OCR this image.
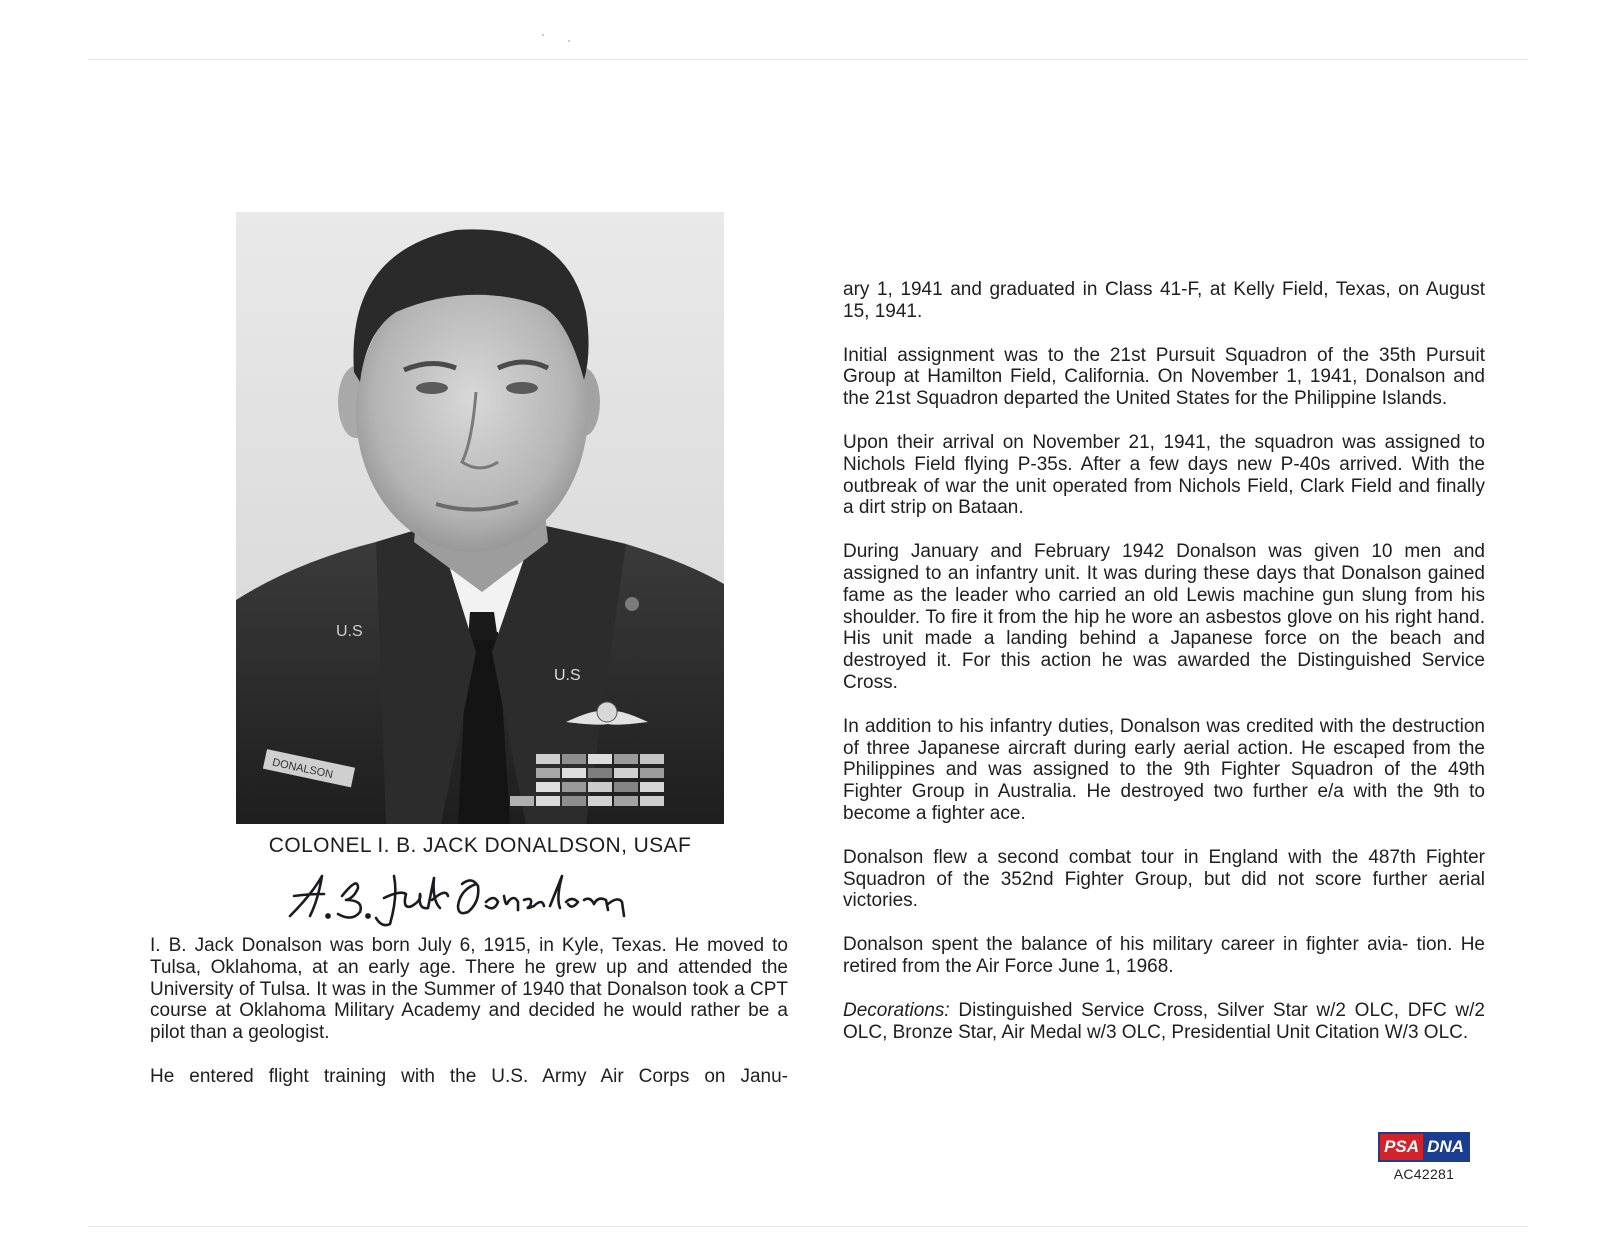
U.S
U.S
DONALSON
COLONEL I. B. JACK DONALDSON, USAF

I. B. Jack Donalson was born July 6, 1915, in Kyle, Texas. He moved to Tulsa, Oklahoma, at an early age. There he grew up and attended the University of Tulsa. It was in the Summer of 1940 that Donalson took a CPT course at Oklahoma Military Academy and decided he would rather be a pilot than a geologist.

He entered flight training with the U.S. Army Air Corps on Janu-

ary 1, 1941 and graduated in Class 41-F, at Kelly Field, Texas, on August 15, 1941.

Initial assignment was to the 21st Pursuit Squadron of the 35th Pursuit Group at Hamilton Field, California. On November 1, 1941, Donalson and the 21st Squadron departed the United States for the Philippine Islands.

Upon their arrival on November 21, 1941, the squadron was assigned to Nichols Field flying P-35s. After a few days new P-40s arrived. With the outbreak of war the unit operated from Nichols Field, Clark Field and finally a dirt strip on Bataan.

During January and February 1942 Donalson was given 10 men and assigned to an infantry unit. It was during these days that Donalson gained fame as the leader who carried an old Lewis machine gun slung from his shoulder. To fire it from the hip he wore an asbestos glove on his right hand. His unit made a landing behind a Japanese force on the beach and destroyed it. For this action he was awarded the Distinguished Service Cross.

In addition to his infantry duties, Donalson was credited with the destruction of three Japanese aircraft during early aerial action. He escaped from the Philippines and was assigned to the 9th Fighter Squadron of the 49th Fighter Group in Australia. He destroyed two further e/a with the 9th to become a fighter ace.

Donalson flew a second combat tour in England with the 487th Fighter Squadron of the 352nd Fighter Group, but did not score further aerial victories.

Donalson spent the balance of his military career in fighter avia- tion. He retired from the Air Force June 1, 1968.

Decorations: Distinguished Service Cross, Silver Star w/2 OLC, DFC w/2 OLC, Bronze Star, Air Medal w/3 OLC, Presidential Unit Citation W/3 OLC.

PSA DNA
AC42281
